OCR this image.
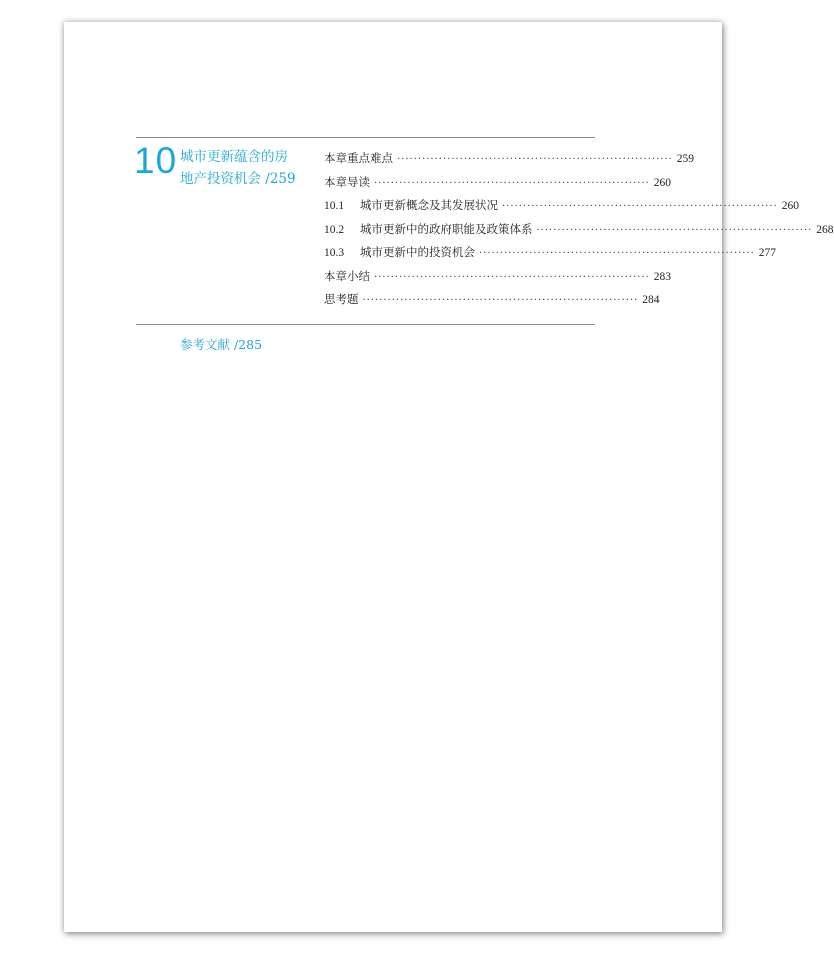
10 城市更新蕴含的房
地产投资机会 /259
本章重点难点 ·································································· 259
本章导读 ·································································· 260
10.1	城市更新概念及其发展状况 ·································································· 260
10.2	城市更新中的政府职能及政策体系 ·································································· 268
10.3	城市更新中的投资机会 ·································································· 277
本章小结 ·································································· 283
思考题 ·································································· 284
参考文献 /285
